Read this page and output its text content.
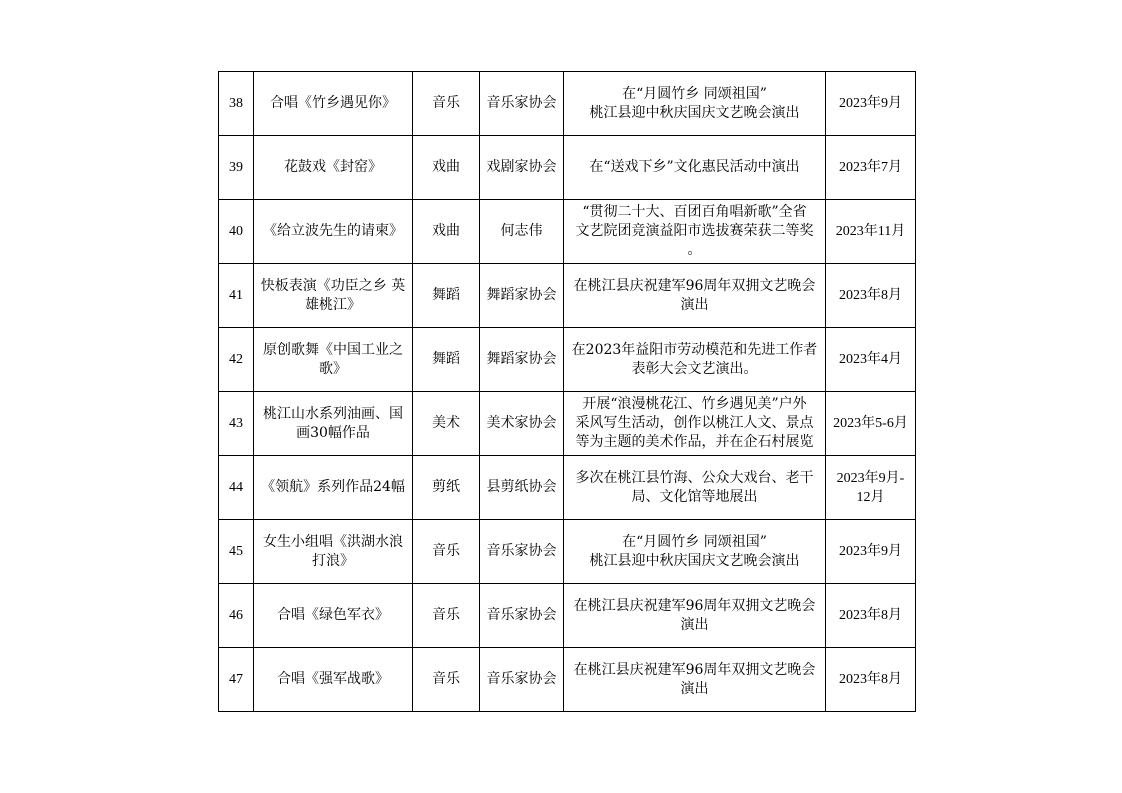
38	合唱《竹乡遇见你》	音乐	音乐家协会	在“月圆竹乡 同颂祖国”
桃江县迎中秋庆国庆文艺晚会演出	2023年9月

39	花鼓戏《封窑》	戏曲	戏剧家协会	在“送戏下乡”文化惠民活动中演出	2023年7月

40	《给立波先生的请柬》	戏曲	何志伟	“贯彻二十大、百团百角唱新歌”全省
文艺院团竞演益阳市选拔赛荣获二等奖
。	2023年11月

41	快板表演《功臣之乡 英
雄桃江》	舞蹈	舞蹈家协会	在桃江县庆祝建军96周年双拥文艺晚会
演出	2023年8月

42	原创歌舞《中国工业之
歌》	舞蹈	舞蹈家协会	在2023年益阳市劳动模范和先进工作者
表彰大会文艺演出。	2023年4月

43	桃江山水系列油画、国
画30幅作品	美术	美术家协会	开展“浪漫桃花江、竹乡遇见美”户外
采风写生活动，创作以桃江人文、景点
等为主题的美术作品，并在企石村展览	2023年5-6月

44	《领航》系列作品24幅	剪纸	县剪纸协会	多次在桃江县竹海、公众大戏台、老干
局、文化馆等地展出	2023年9月-
12月

45	女生小组唱《洪湖水浪
打浪》	音乐	音乐家协会	在“月圆竹乡 同颂祖国”
桃江县迎中秋庆国庆文艺晚会演出	2023年9月

46	合唱《绿色军衣》	音乐	音乐家协会	在桃江县庆祝建军96周年双拥文艺晚会
演出	2023年8月

47	合唱《强军战歌》	音乐	音乐家协会	在桃江县庆祝建军96周年双拥文艺晚会
演出	2023年8月
